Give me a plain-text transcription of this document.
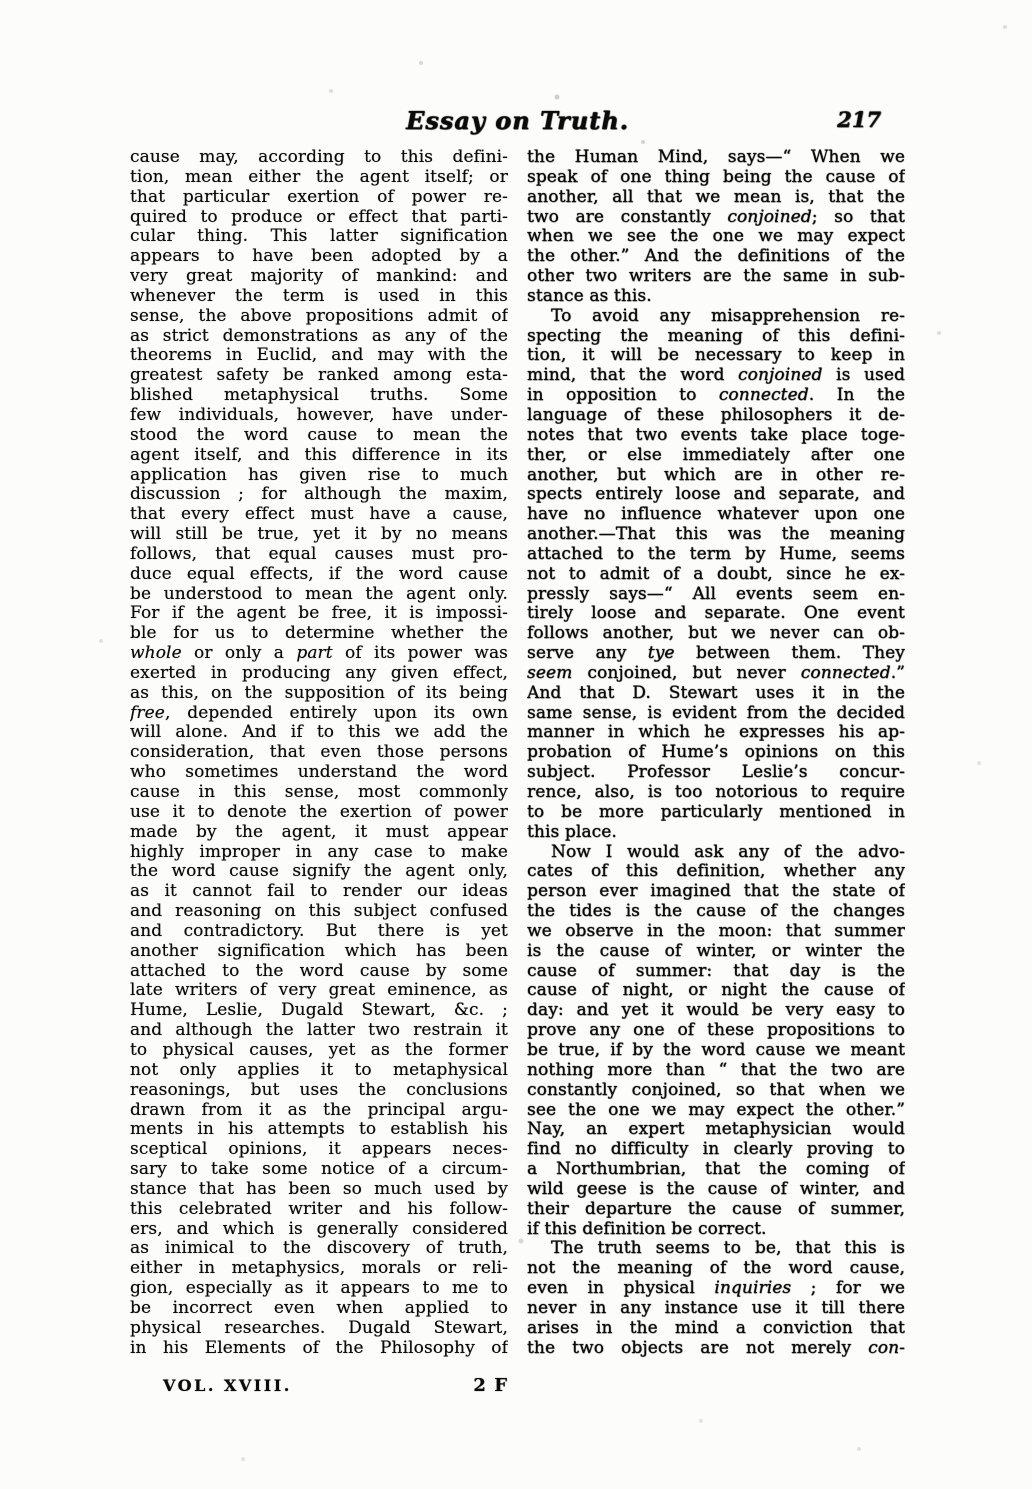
Essay on Truth.	217
cause may, according to this defini-
tion, mean either the agent itself; or
that particular exertion of power re-
quired to produce or effect that parti-
cular thing. This latter signification
appears to have been adopted by a
very great majority of mankind: and
whenever the term is used in this
sense, the above propositions admit of
as strict demonstrations as any of the
theorems in Euclid, and may with the
greatest safety be ranked among esta-
blished metaphysical truths. Some
few individuals, however, have under-
stood the word cause to mean the
agent itself, and this difference in its
application has given rise to much
discussion ; for although the maxim,
that every effect must have a cause,
will still be true, yet it by no means
follows, that equal causes must pro-
duce equal effects, if the word cause
be understood to mean the agent only.
For if the agent be free, it is impossi-
ble for us to determine whether the
whole or only a part of its power was
exerted in producing any given effect,
as this, on the supposition of its being
free, depended entirely upon its own
will alone. And if to this we add the
consideration, that even those persons
who sometimes understand the word
cause in this sense, most commonly
use it to denote the exertion of power
made by the agent, it must appear
highly improper in any case to make
the word cause signify the agent only,
as it cannot fail to render our ideas
and reasoning on this subject confused
and contradictory. But there is yet
another signification which has been
attached to the word cause by some
late writers of very great eminence, as
Hume, Leslie, Dugald Stewart, &c. ;
and although the latter two restrain it
to physical causes, yet as the former
not only applies it to metaphysical
reasonings, but uses the conclusions
drawn from it as the principal argu-
ments in his attempts to establish his
sceptical opinions, it appears neces-
sary to take some notice of a circum-
stance that has been so much used by
this celebrated writer and his follow-
ers, and which is generally considered
as inimical to the discovery of truth,
either in metaphysics, morals or reli-
gion, especially as it appears to me to
be incorrect even when applied to
physical researches. Dugald Stewart,
in his Elements of the Philosophy of
the Human Mind, says—“ When we
speak of one thing being the cause of
another, all that we mean is, that the
two are constantly conjoined; so that
when we see the one we may expect
the other.” And the definitions of the
other two writers are the same in sub-
stance as this.
To avoid any misapprehension re-
specting the meaning of this defini-
tion, it will be necessary to keep in
mind, that the word conjoined is used
in opposition to connected. In the
language of these philosophers it de-
notes that two events take place toge-
ther, or else immediately after one
another, but which are in other re-
spects entirely loose and separate, and
have no influence whatever upon one
another.—That this was the meaning
attached to the term by Hume, seems
not to admit of a doubt, since he ex-
pressly says—“ All events seem en-
tirely loose and separate. One event
follows another, but we never can ob-
serve any tye between them. They
seem conjoined, but never connected.”
And that D. Stewart uses it in the
same sense, is evident from the decided
manner in which he expresses his ap-
probation of Hume’s opinions on this
subject. Professor Leslie’s concur-
rence, also, is too notorious to require
to be more particularly mentioned in
this place.
Now I would ask any of the advo-
cates of this definition, whether any
person ever imagined that the state of
the tides is the cause of the changes
we observe in the moon: that summer
is the cause of winter, or winter the
cause of summer: that day is the
cause of night, or night the cause of
day: and yet it would be very easy to
prove any one of these propositions to
be true, if by the word cause we meant
nothing more than “ that the two are
constantly conjoined, so that when we
see the one we may expect the other.”
Nay, an expert metaphysician would
find no difficulty in clearly proving to
a Northumbrian, that the coming of
wild geese is the cause of winter, and
their departure the cause of summer,
if this definition be correct.
The truth seems to be, that this is
not the meaning of the word cause,
even in physical inquiries ; for we
never in any instance use it till there
arises in the mind a conviction that
the two objects are not merely con-
VOL. XVIII.	2 F
